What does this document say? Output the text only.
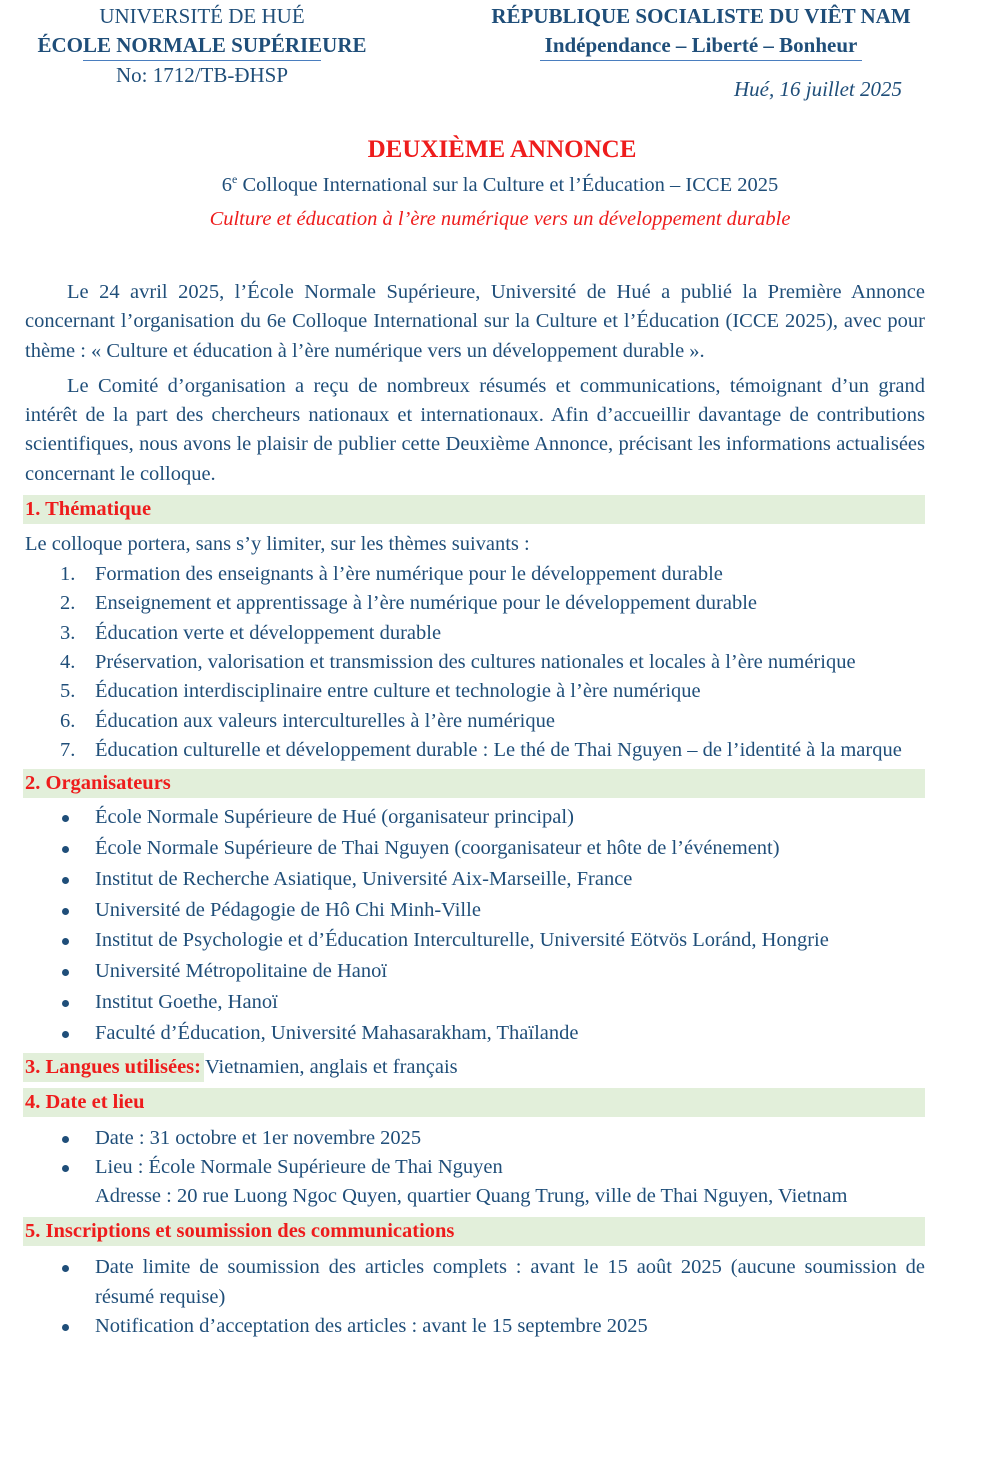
UNIVERSITÉ DE HUÉ
ÉCOLE NORMALE SUPÉRIEURE
No: 1712/TB-ĐHSP
RÉPUBLIQUE SOCIALISTE DU VIÊT NAM
Indépendance – Liberté – Bonheur
Hué, 16 juillet 2025
DEUXIÈME ANNONCE
6e Colloque International sur la Culture et l’Éducation – ICCE 2025
Culture et éducation à l’ère numérique vers un développement durable

Le 24 avril 2025, l’École Normale Supérieure, Université de Hué a publié la Première Annonce concernant l’organisation du 6e Colloque International sur la Culture et l’Éducation (ICCE 2025), avec pour thème : « Culture et éducation à l’ère numérique vers un développement durable ».

Le Comité d’organisation a reçu de nombreux résumés et communications, témoignant d’un grand intérêt de la part des chercheurs nationaux et internationaux. Afin d’accueillir davantage de contributions scientifiques, nous avons le plaisir de publier cette Deuxième Annonce, précisant les informations actualisées concernant le colloque.

1. Thématique
Le colloque portera, sans s’y limiter, sur les thèmes suivants :
1. Formation des enseignants à l’ère numérique pour le développement durable
2. Enseignement et apprentissage à l’ère numérique pour le développement durable
3. Éducation verte et développement durable
4. Préservation, valorisation et transmission des cultures nationales et locales à l’ère numérique
5. Éducation interdisciplinaire entre culture et technologie à l’ère numérique
6. Éducation aux valeurs interculturelles à l’ère numérique
7. Éducation culturelle et développement durable : Le thé de Thai Nguyen – de l’identité à la marque
2. Organisateurs
École Normale Supérieure de Hué (organisateur principal)
École Normale Supérieure de Thai Nguyen (coorganisateur et hôte de l’événement)
Institut de Recherche Asiatique, Université Aix-Marseille, France
Université de Pédagogie de Hô Chi Minh-Ville
Institut de Psychologie et d’Éducation Interculturelle, Université Eötvös Loránd, Hongrie
Université Métropolitaine de Hanoï
Institut Goethe, Hanoï
Faculté d’Éducation, Université Mahasarakham, Thaïlande
3. Langues utilisées: Vietnamien, anglais et français
4. Date et lieu
Date : 31 octobre et 1er novembre 2025
Lieu : École Normale Supérieure de Thai Nguyen
Adresse : 20 rue Luong Ngoc Quyen, quartier Quang Trung, ville de Thai Nguyen, Vietnam
5. Inscriptions et soumission des communications
Date limite de soumission des articles complets : avant le 15 août 2025 (aucune soumission de résumé requise)
Notification d’acceptation des articles : avant le 15 septembre 2025
